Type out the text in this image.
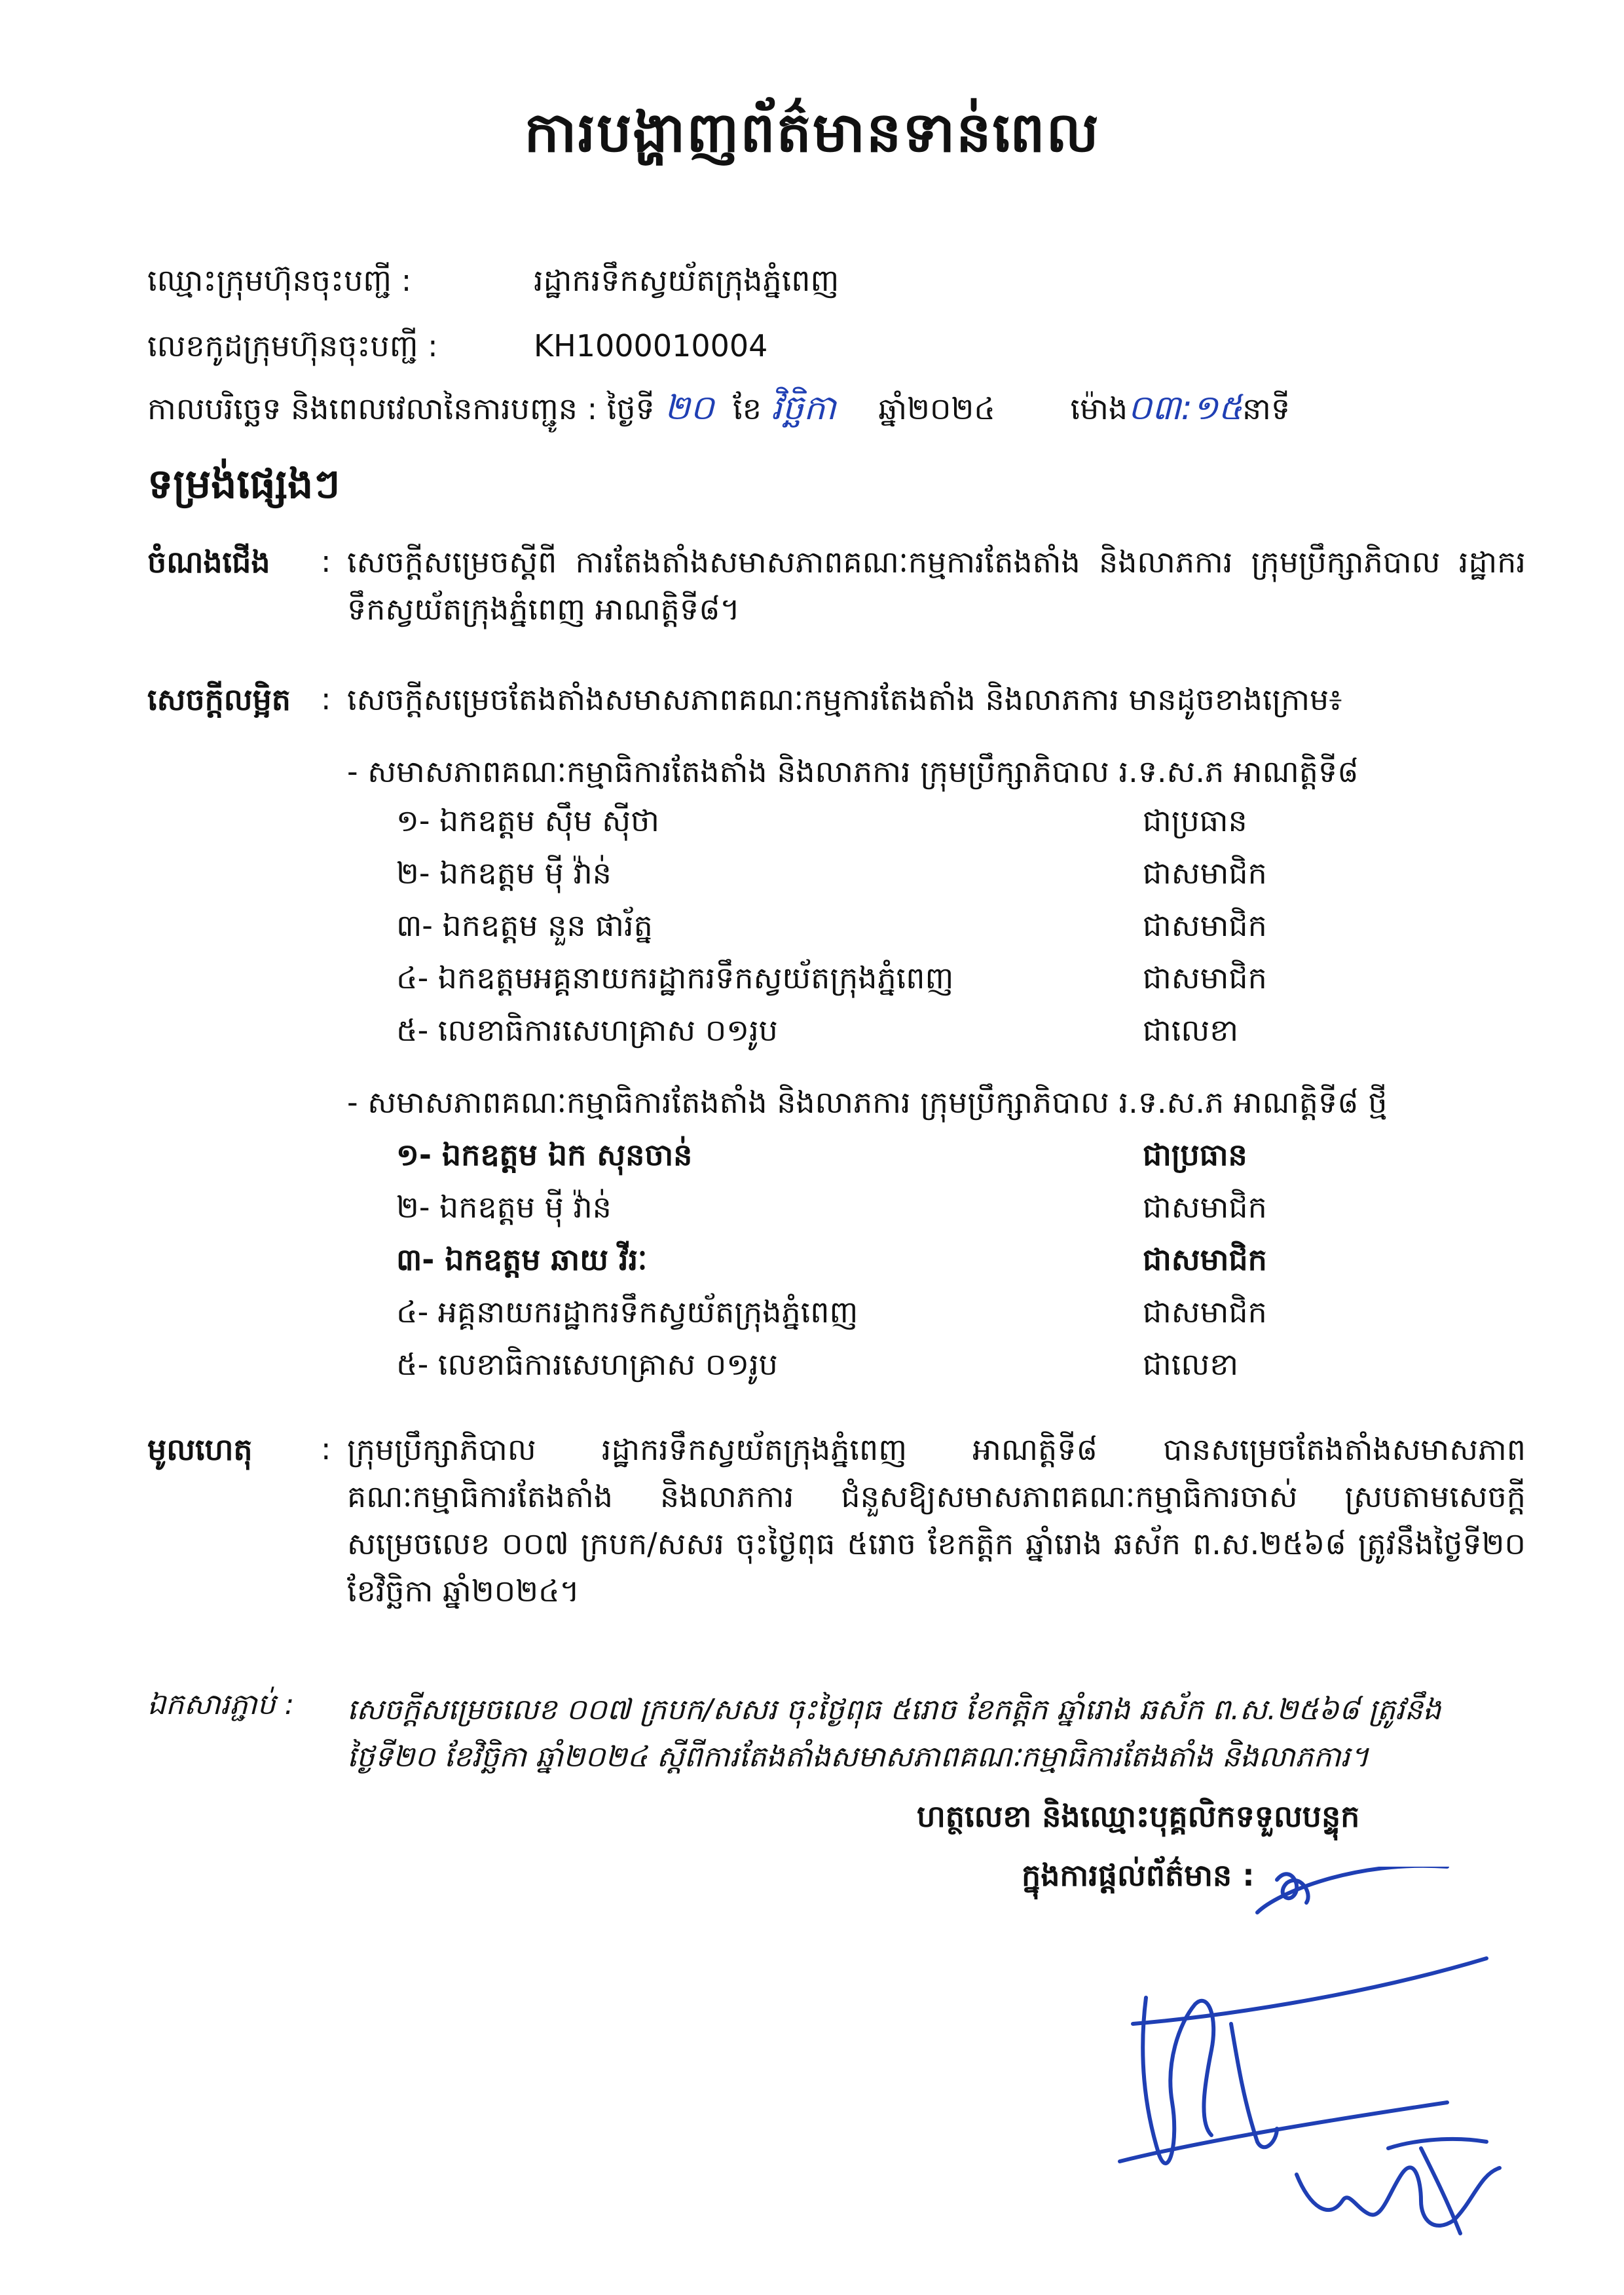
ការបង្ហាញព័ត៌មានទាន់ពេល
ឈ្មោះក្រុមហ៊ុនចុះបញ្ជី :	រដ្ឋាករទឹកស្វយ័តក្រុងភ្នំពេញ
លេខកូដក្រុមហ៊ុនចុះបញ្ជី :	KH1000010004
កាលបរិច្ឆេទ និងពេលវេលានៃការបញ្ជូន : ថ្ងៃទី ២០ ខែ វិច្ឆិកា ឆ្នាំ២០២៤ ម៉ោង០៣:១៥នាទី
ទម្រង់ផ្សេងៗ
ចំណងជើង : សេចក្ដីសម្រេចស្ដីពី ការតែងតាំងសមាសភាពគណៈកម្មការតែងតាំង និងលាភការ ក្រុមប្រឹក្សាភិបាល រដ្ឋាករទឹកស្វយ័តក្រុងភ្នំពេញ អាណត្តិទី៨។
សេចក្ដីលម្អិត : សេចក្ដីសម្រេចតែងតាំងសមាសភាពគណៈកម្មការតែងតាំង និងលាភការ មានដូចខាងក្រោម៖
- សមាសភាពគណៈកម្មាធិការតែងតាំង និងលាភការ ក្រុមប្រឹក្សាភិបាល រ.ទ.ស.ភ អាណត្តិទី៨
១- ឯកឧត្ដម ស៊ឹម ស៊ីថា	ជាប្រធាន
២- ឯកឧត្ដម មុី វ៉ាន់	ជាសមាជិក
៣- ឯកឧត្ដម នួន ផារ័ត្ន	ជាសមាជិក
៤- ឯកឧត្ដមអគ្គនាយករដ្ឋាករទឹកស្វយ័តក្រុងភ្នំពេញ	ជាសមាជិក
៥- លេខាធិការសេហគ្រាស ០១រូប	ជាលេខា
- សមាសភាពគណៈកម្មាធិការតែងតាំង និងលាភការ ក្រុមប្រឹក្សាភិបាល រ.ទ.ស.ភ អាណត្តិទី៨ ថ្មី
១- ឯកឧត្ដម ឯក សុនចាន់	ជាប្រធាន
២- ឯកឧត្ដម មុី វ៉ាន់	ជាសមាជិក
៣- ឯកឧត្ដម ឆាយ វីរៈ	ជាសមាជិក
៤- អគ្គនាយករដ្ឋាករទឹកស្វយ័តក្រុងភ្នំពេញ	ជាសមាជិក
៥- លេខាធិការសេហគ្រាស ០១រូប	ជាលេខា
មូលហេតុ : ក្រុមប្រឹក្សាភិបាល រដ្ឋាករទឹកស្វយ័តក្រុងភ្នំពេញ អាណត្តិទី៨ បានសម្រេចតែងតាំងសមាសភាពគណៈកម្មាធិការតែងតាំង និងលាភការ ជំនួសឱ្យសមាសភាពគណៈកម្មាធិការចាស់ ស្របតាមសេចក្ដីសម្រេចលេខ ០០៧ ក្របក/សសរ ចុះថ្ងៃពុធ ៥រោច ខែកត្ដិក ឆ្នាំរោង ឆស័ក ព.ស.២៥៦៨ ត្រូវនឹងថ្ងៃទី២០ ខែវិច្ឆិកា ឆ្នាំ២០២៤។
ឯកសារភ្ជាប់ : សេចក្ដីសម្រេចលេខ ០០៧ ក្របក/សសរ ចុះថ្ងៃពុធ ៥រោច ខែកត្ដិក ឆ្នាំរោង ឆស័ក ព.ស.២៥៦៨ ត្រូវនឹងថ្ងៃទី២០ ខែវិច្ឆិកា ឆ្នាំ២០២៤ ស្ដីពីការតែងតាំងសមាសភាពគណៈកម្មាធិការតែងតាំង និងលាភការ។
ហត្ថលេខា និងឈ្មោះបុគ្គលិកទទួលបន្ទុក
ក្នុងការផ្ដល់ព័ត៌មាន :
